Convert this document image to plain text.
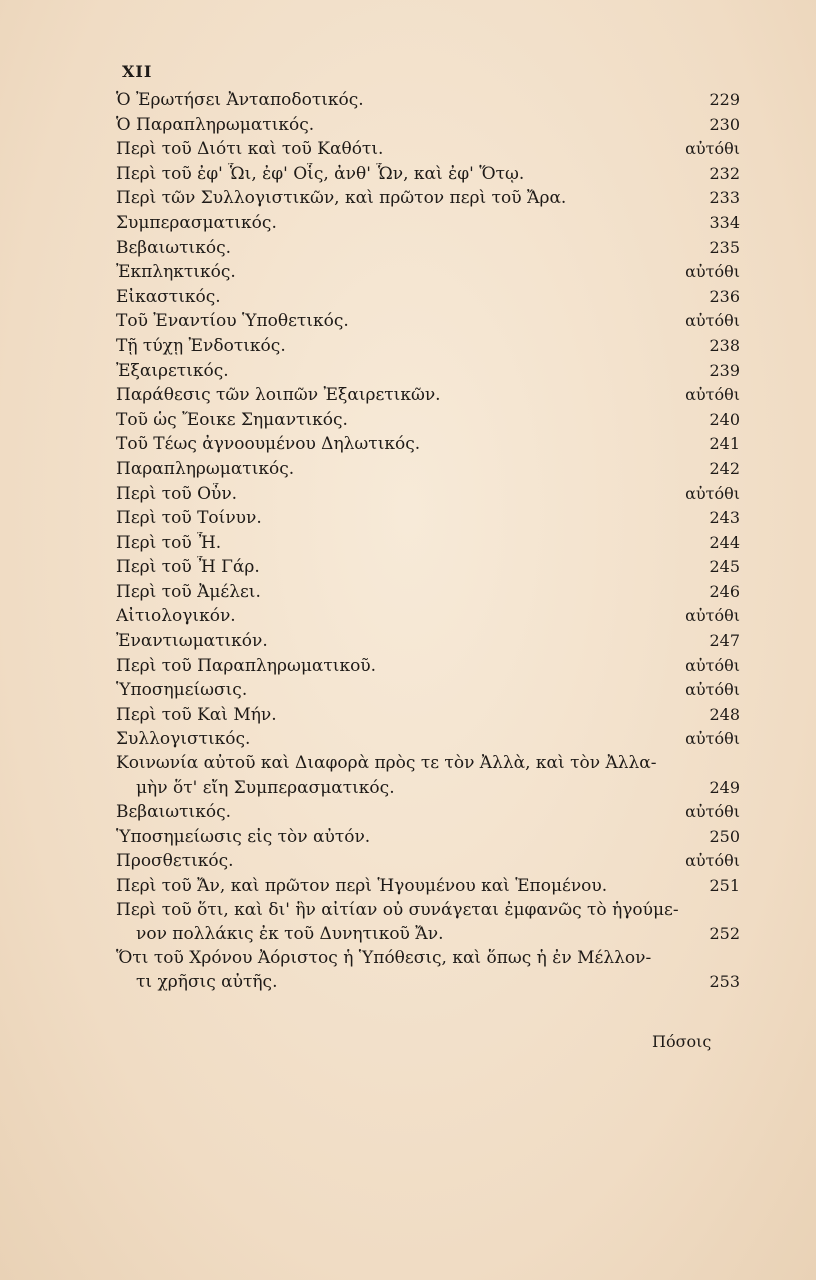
XII
Ὁ Ἐρωτήσει Ἀνταποδοτικός.	229
Ὁ Παραπληρωματικός.	230
Περὶ τοῦ Διότι καὶ τοῦ Καθότι.	αὐτόθι
Περὶ τοῦ ἐφ' Ὧι, ἐφ' Οἷς, ἀνθ' Ὧν, καὶ ἐφ' Ὅτῳ.	232
Περὶ τῶν Συλλογιστικῶν, καὶ πρῶτον περὶ τοῦ Ἄρα.	233
Συμπερασματικός.	334
Βεβαιωτικός.	235
Ἐκπληκτικός.	αὐτόθι
Εἰκαστικός.	236
Τοῦ Ἐναντίου Ὑποθετικός.	αὐτόθι
Τῇ τύχῃ Ἐνδοτικός.	238
Ἐξαιρετικός.	239
Παράθεσις τῶν λοιπῶν Ἐξαιρετικῶν.	αὐτόθι
Τοῦ ὡς Ἔοικε Σημαντικός.	240
Τοῦ Τέως ἀγνοουμένου Δηλωτικός.	241
Παραπληρωματικός.	242
Περὶ τοῦ Οὖν.	αὐτόθι
Περὶ τοῦ Τοίνυν.	243
Περὶ τοῦ Ἦ.	244
Περὶ τοῦ Ἦ Γάρ.	245
Περὶ τοῦ Ἀμέλει.	246
Αἰτιολογικόν.	αὐτόθι
Ἐναντιωματικόν.	247
Περὶ τοῦ Παραπληρωματικοῦ.	αὐτόθι
Ὑποσημείωσις.	αὐτόθι
Περὶ τοῦ Καὶ Μήν.	248
Συλλογιστικός.	αὐτόθι
Κοινωνία αὐτοῦ καὶ Διαφορὰ πρὸς τε τὸν Ἀλλὰ, καὶ τὸν Ἀλλα-
μὴν ὅτ' εἴη Συμπερασματικός.	249
Βεβαιωτικός.	αὐτόθι
Ὑποσημείωσις εἰς τὸν αὐτόν.	250
Προσθετικός.	αὐτόθι
Περὶ τοῦ Ἄν, καὶ πρῶτον περὶ Ἡγουμένου καὶ Ἑπομένου.	251
Περὶ τοῦ ὅτι, καὶ δι' ἣν αἰτίαν οὐ συνάγεται ἐμφανῶς τὸ ἡγούμε-
νον πολλάκις ἐκ τοῦ Δυνητικοῦ Ἄν.	252
Ὅτι τοῦ Χρόνου Ἀόριστος ἡ Ὑπόθεσις, καὶ ὅπως ἡ ἐν Μέλλον-
τι χρῆσις αὐτῆς.	253
Πόσοις
